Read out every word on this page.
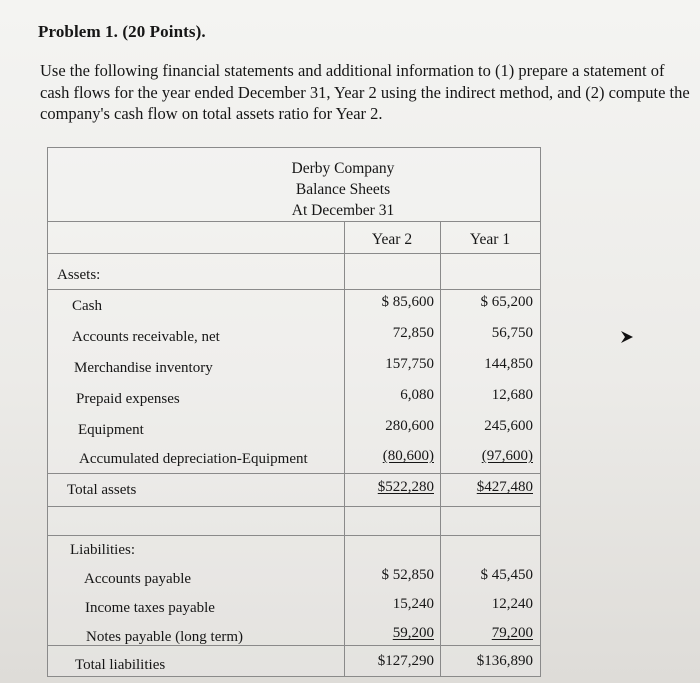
Problem 1. (20 Points).
Use the following financial statements and additional information to (1) prepare a statement of cash flows for the year ended December 31, Year 2 using the indirect method, and (2) compute the company's cash flow on total assets ratio for Year 2.
Derby Company
Balance Sheets
At December 31
Year 2	Year 1
Assets:
Cash	$ 85,600	$ 65,200
Accounts receivable, net	72,850	56,750
Merchandise inventory	157,750	144,850
Prepaid expenses	6,080	12,680
Equipment	280,600	245,600
Accumulated depreciation-Equipment	(80,600)	(97,600)
Total assets	$522,280	$427,480
Liabilities:
Accounts payable	$ 52,850	$ 45,450
Income taxes payable	15,240	12,240
Notes payable (long term)	59,200	79,200
Total liabilities	$127,290	$136,890
